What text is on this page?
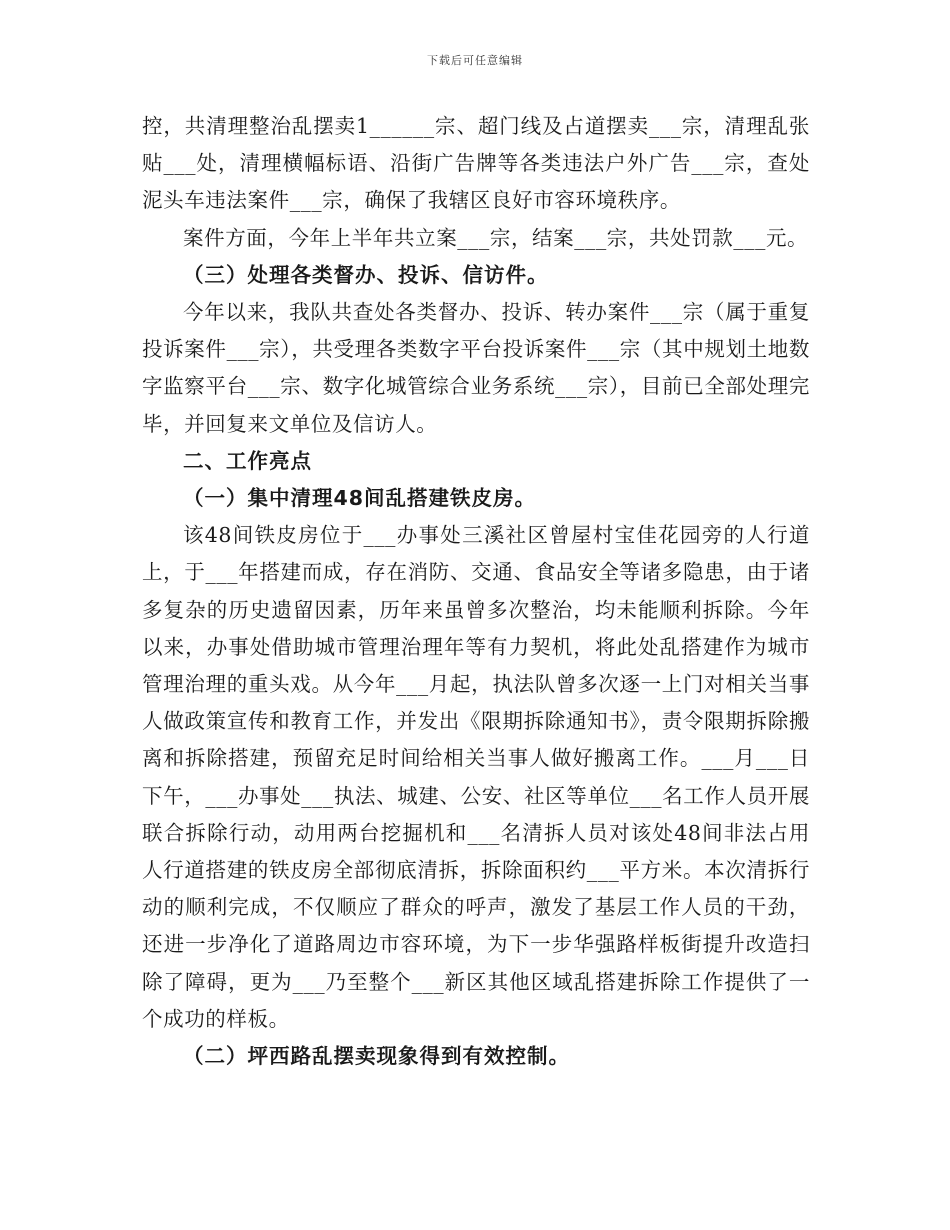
下载后可任意编辑

控，共清理整治乱摆卖1______宗、超门线及占道摆卖___宗，清理乱张贴___处，清理横幅标语、沿街广告牌等各类违法户外广告___宗，查处泥头车违法案件___宗，确保了我辖区良好市容环境秩序。

案件方面，今年上半年共立案___宗，结案___宗，共处罚款___元。

（三）处理各类督办、投诉、信访件。

今年以来，我队共查处各类督办、投诉、转办案件___宗（属于重复投诉案件___宗），共受理各类数字平台投诉案件___宗（其中规划土地数字监察平台___宗、数字化城管综合业务系统___宗），目前已全部处理完毕，并回复来文单位及信访人。

二、工作亮点

（一）集中清理48间乱搭建铁皮房。

该48间铁皮房位于___办事处三溪社区曾屋村宝佳花园旁的人行道上，于___年搭建而成，存在消防、交通、食品安全等诸多隐患，由于诸多复杂的历史遗留因素，历年来虽曾多次整治，均未能顺利拆除。今年以来，办事处借助城市管理治理年等有力契机，将此处乱搭建作为城市管理治理的重头戏。从今年___月起，执法队曾多次逐一上门对相关当事人做政策宣传和教育工作，并发出《限期拆除通知书》，责令限期拆除搬离和拆除搭建，预留充足时间给相关当事人做好搬离工作。___月___日下午，___办事处___执法、城建、公安、社区等单位___名工作人员开展联合拆除行动，动用两台挖掘机和___名清拆人员对该处48间非法占用人行道搭建的铁皮房全部彻底清拆，拆除面积约___平方米。本次清拆行动的顺利完成，不仅顺应了群众的呼声，激发了基层工作人员的干劲，还进一步净化了道路周边市容环境，为下一步华强路样板街提升改造扫除了障碍，更为___乃至整个___新区其他区域乱搭建拆除工作提供了一个成功的样板。

（二）坪西路乱摆卖现象得到有效控制。
